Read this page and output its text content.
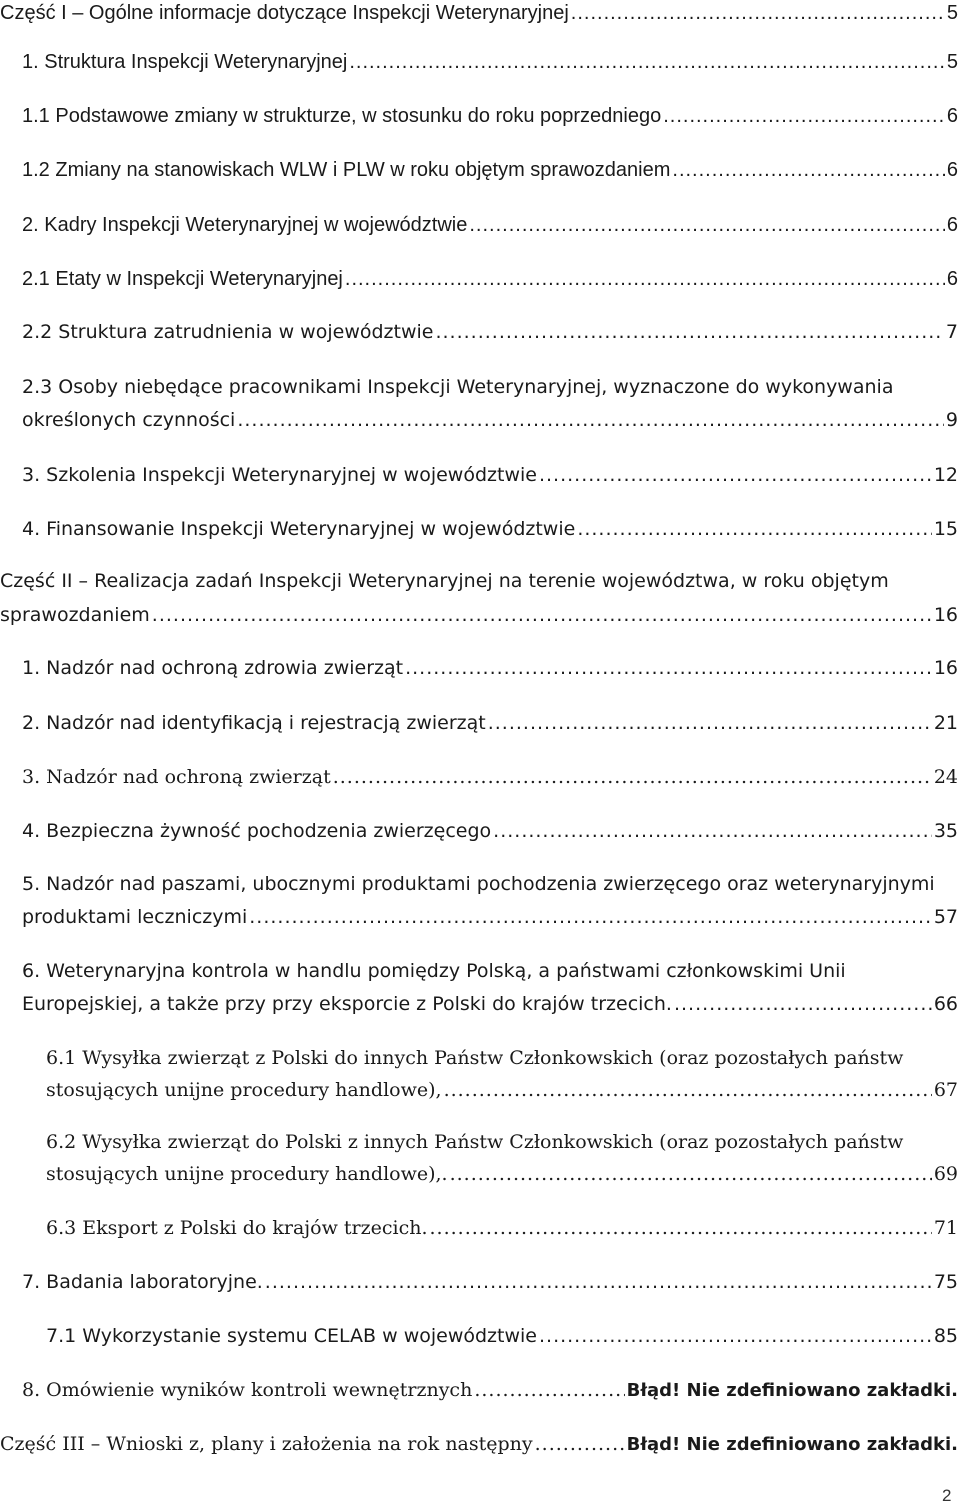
Część I – Ogólne informacje dotyczące Inspekcji Weterynaryjnej .....	5
1. Struktura Inspekcji Weterynaryjnej .....	5
1.1 Podstawowe zmiany w strukturze, w stosunku do roku poprzedniego .....	6
1.2 Zmiany na stanowiskach WLW i PLW w roku objętym sprawozdaniem .....	6
2. Kadry Inspekcji Weterynaryjnej w województwie .....	6
2.1 Etaty w Inspekcji Weterynaryjnej .....	6
2.2 Struktura zatrudnienia w województwie .....	7
2.3 Osoby niebędące pracownikami Inspekcji Weterynaryjnej, wyznaczone do wykonywania
określonych czynności .....	9
3. Szkolenia Inspekcji Weterynaryjnej w województwie .....	12
4. Finansowanie Inspekcji Weterynaryjnej w województwie .....	15
Część II – Realizacja zadań Inspekcji Weterynaryjnej na terenie województwa, w roku objętym
sprawozdaniem .....	16
1. Nadzór nad ochroną zdrowia zwierząt .....	16
2. Nadzór nad identyfikacją i rejestracją zwierząt .....	21
3. Nadzór nad ochroną zwierząt .....	24
4. Bezpieczna żywność pochodzenia zwierzęcego .....	35
5. Nadzór nad paszami, ubocznymi produktami pochodzenia zwierzęcego oraz weterynaryjnymi
produktami leczniczymi .....	57
6. Weterynaryjna kontrola w handlu pomiędzy Polską, a państwami członkowskimi Unii
Europejskiej, a także przy przy eksporcie z Polski do krajów trzecich. .....	66
6.1 Wysyłka zwierząt z Polski do innych Państw Członkowskich (oraz pozostałych państw
stosujących unijne procedury handlowe), .....	67
6.2 Wysyłka zwierząt do Polski z innych Państw Członkowskich (oraz pozostałych państw
stosujących unijne procedury handlowe),. .....	69
6.3 Eksport z Polski do krajów trzecich. .....	71
7. Badania laboratoryjne. .....	75
7.1 Wykorzystanie systemu CELAB w województwie .....	85
8. Omówienie wyników kontroli wewnętrznych .....	Błąd! Nie zdefiniowano zakładki.
Część III – Wnioski z, plany i założenia na rok następny .....	Błąd! Nie zdefiniowano zakładki.
2
